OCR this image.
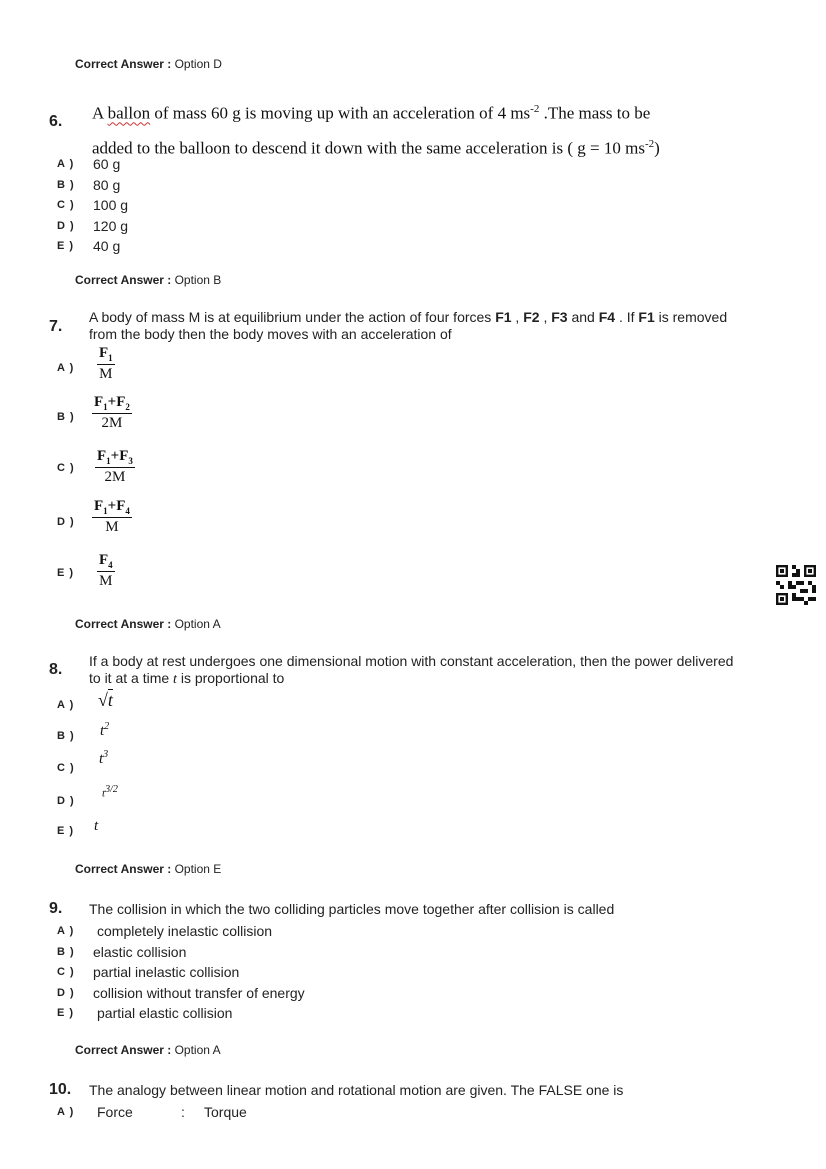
Correct Answer : Option D
6. A ballon of mass 60 g is moving up with an acceleration of 4 $ms^{-2}$ .The mass to be
added to the balloon to descend it down with the same acceleration is ( g = 10 $ms^{-2}$)
A )	60 g
B )	80 g
C )	100 g
D )	120 g
E )	40 g
Correct Answer : Option B
7.
A body of mass M is at equilibrium under the action of four forces F1 , F2 , F3 and F4 . If F1 is removed
from the body then the body moves with an acceleration of
A ) $\frac{F_1}{M}$
B ) $\frac{F_1+F_2}{2M}$
C ) $\frac{F_1+F_3}{2M}$
D ) $\frac{F_1+F_4}{M}$
E ) $\frac{F_4}{M}$
Correct Answer : Option A
8. If a body at rest undergoes one dimensional motion with constant acceleration, then the power delivered
to it at a time t is proportional to
A ) √t
B ) $t^2$
C )
$t^3$
D )
$t^{3/2}$
E ) t
Correct Answer : Option E
9. The collision in which the two colliding particles move together after collision is called
A )	completely inelastic collision
B )	elastic collision
C )	partial inelastic collision
D )	collision without transfer of energy
E )	partial elastic collision
Correct Answer : Option A
10. The analogy between linear motion and rotational motion are given. The FALSE one is
A )	Force	:	Torque
